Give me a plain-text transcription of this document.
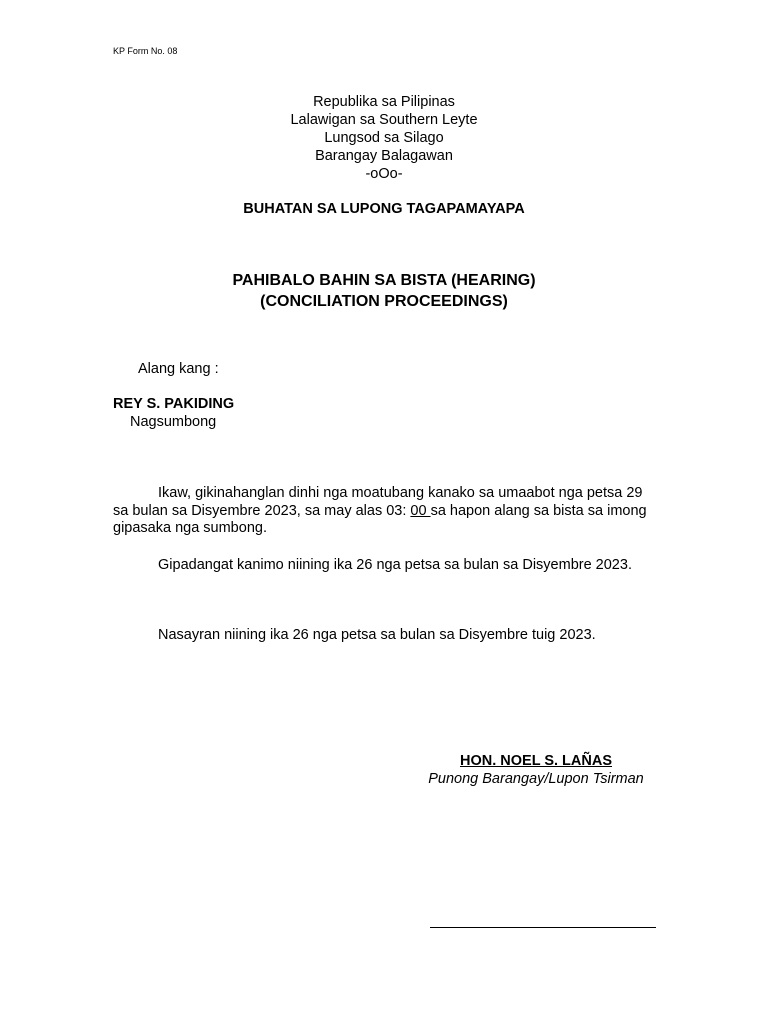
KP Form No. 08
Republika sa Pilipinas
Lalawigan sa Southern Leyte
Lungsod sa Silago
Barangay Balagawan
-oOo-
BUHATAN SA LUPONG TAGAPAMAYAPA
PAHIBALO BAHIN SA BISTA (HEARING)
(CONCILIATION PROCEEDINGS)
Alang kang :
REY S. PAKIDING
Nagsumbong
Ikaw, gikinahanglan dinhi nga moatubang kanako sa umaabot nga petsa 29 sa bulan sa Disyembre 2023, sa may alas 03: 00 sa hapon alang sa bista sa imong gipasaka nga sumbong.
Gipadangat kanimo niining ika 26 nga petsa sa bulan sa Disyembre 2023.
Nasayran niining ika 26 nga petsa sa bulan sa Disyembre tuig 2023.
HON. NOEL S. LAÑAS
Punong Barangay/Lupon Tsirman
